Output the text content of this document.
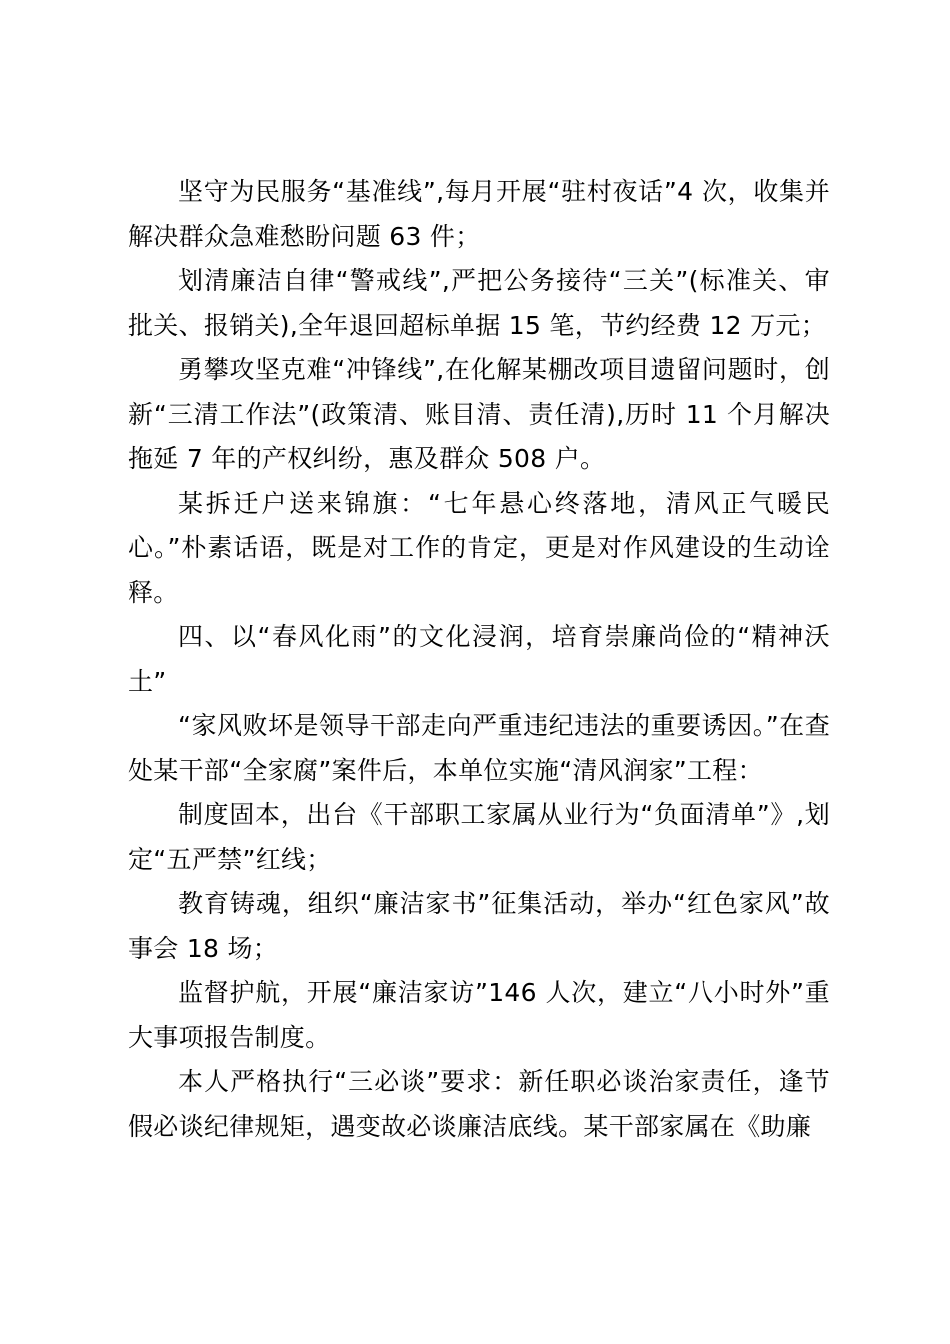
坚守为民服务“基准线”,每月开展“驻村夜话”4 次，收集并解决群众急难愁盼问题 63 件；

划清廉洁自律“警戒线”,严把公务接待“三关”(标准关、审批关、报销关),全年退回超标单据 15 笔，节约经费 12 万元；

勇攀攻坚克难“冲锋线”,在化解某棚改项目遗留问题时，创新“三清工作法”(政策清、账目清、责任清),历时 11 个月解决拖延 7 年的产权纠纷，惠及群众 508 户。

某拆迁户送来锦旗：“七年悬心终落地，清风正气暖民心。”朴素话语，既是对工作的肯定，更是对作风建设的生动诠释。

四、以“春风化雨”的文化浸润，培育崇廉尚俭的“精神沃土”

“家风败坏是领导干部走向严重违纪违法的重要诱因。”在查处某干部“全家腐”案件后，本单位实施“清风润家”工程：

制度固本，出台《干部职工家属从业行为“负面清单”》,划定“五严禁”红线；

教育铸魂，组织“廉洁家书”征集活动，举办“红色家风”故事会 18 场；

监督护航，开展“廉洁家访”146 人次，建立“八小时外”重大事项报告制度。

本人严格执行“三必谈”要求：新任职必谈治家责任，逢节假必谈纪律规矩，遇变故必谈廉洁底线。某干部家属在《助廉
